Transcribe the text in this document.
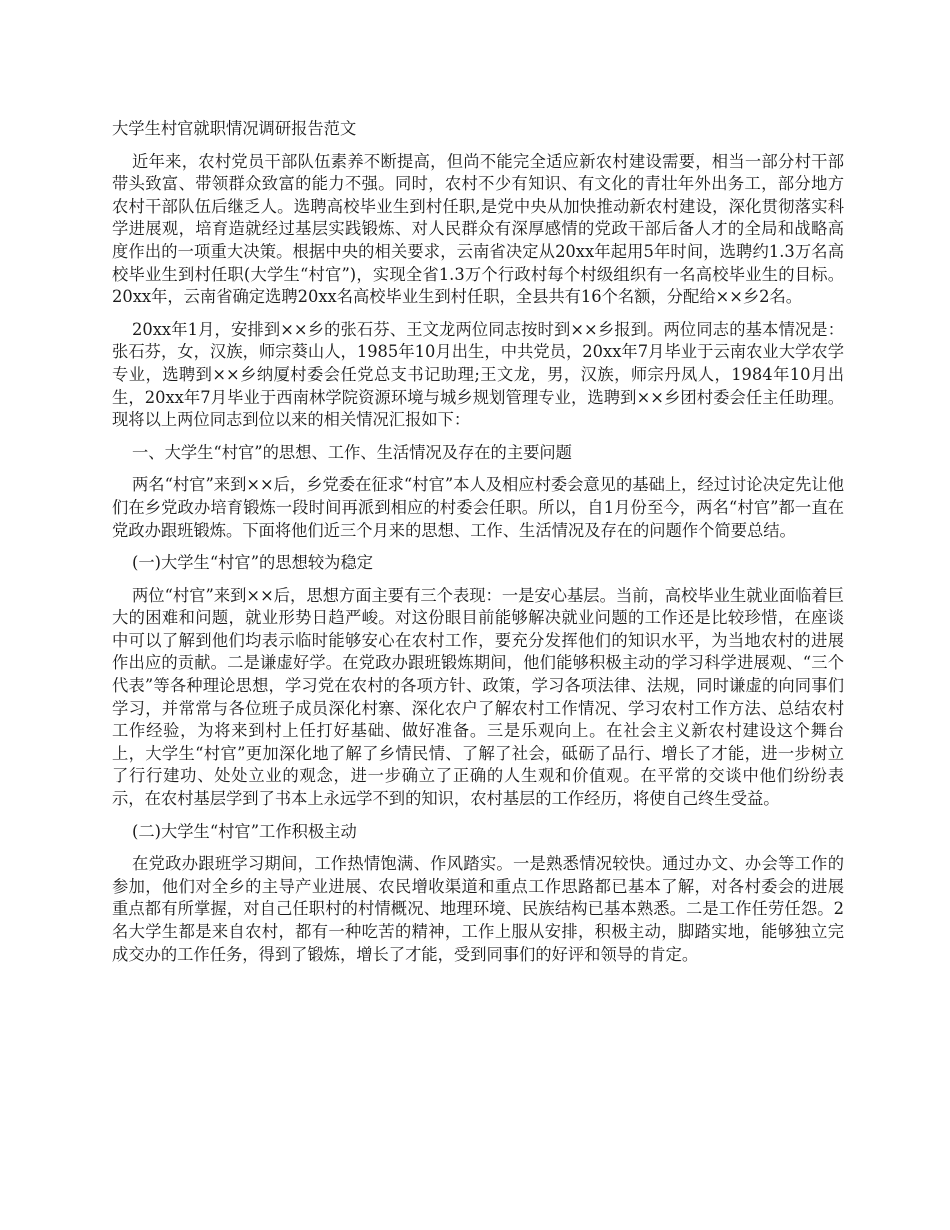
大学生村官就职情况调研报告范文

近年来，农村党员干部队伍素养不断提高，但尚不能完全适应新农村建设需要，相当一部分村干部带头致富、带领群众致富的能力不强。同时，农村不少有知识、有文化的青壮年外出务工，部分地方农村干部队伍后继乏人。选聘高校毕业生到村任职,是党中央从加快推动新农村建设，深化贯彻落实科学进展观，培育造就经过基层实践锻炼、对人民群众有深厚感情的党政干部后备人才的全局和战略高度作出的一项重大决策。根据中央的相关要求，云南省决定从20xx年起用5年时间，选聘约1.3万名高校毕业生到村任职(大学生“村官”)，实现全省1.3万个行政村每个村级组织有一名高校毕业生的目标。20xx年，云南省确定选聘20xx名高校毕业生到村任职，全县共有16个名额，分配给××乡2名。

20xx年1月，安排到××乡的张石芬、王文龙两位同志按时到××乡报到。两位同志的基本情况是：张石芬，女，汉族，师宗葵山人，1985年10月出生，中共党员，20xx年7月毕业于云南农业大学农学专业，选聘到××乡纳厦村委会任党总支书记助理;王文龙，男，汉族，师宗丹凤人，1984年10月出生，20xx年7月毕业于西南林学院资源环境与城乡规划管理专业，选聘到××乡团村委会任主任助理。现将以上两位同志到位以来的相关情况汇报如下：

一、大学生“村官”的思想、工作、生活情况及存在的主要问题

两名“村官”来到××后，乡党委在征求“村官”本人及相应村委会意见的基础上，经过讨论决定先让他们在乡党政办培育锻炼一段时间再派到相应的村委会任职。所以，自1月份至今，两名“村官”都一直在党政办跟班锻炼。下面将他们近三个月来的思想、工作、生活情况及存在的问题作个简要总结。

(一)大学生“村官”的思想较为稳定

两位“村官”来到××后，思想方面主要有三个表现：一是安心基层。当前，高校毕业生就业面临着巨大的困难和问题，就业形势日趋严峻。对这份眼目前能够解决就业问题的工作还是比较珍惜，在座谈中可以了解到他们均表示临时能够安心在农村工作，要充分发挥他们的知识水平，为当地农村的进展作出应的贡献。二是谦虚好学。在党政办跟班锻炼期间，他们能够积极主动的学习科学进展观、“三个代表”等各种理论思想，学习党在农村的各项方针、政策，学习各项法律、法规，同时谦虚的向同事们学习，并常常与各位班子成员深化村寨、深化农户了解农村工作情况、学习农村工作方法、总结农村工作经验，为将来到村上任打好基础、做好准备。三是乐观向上。在社会主义新农村建设这个舞台上，大学生“村官”更加深化地了解了乡情民情、了解了社会，砥砺了品行、增长了才能，进一步树立了行行建功、处处立业的观念，进一步确立了正确的人生观和价值观。在平常的交谈中他们纷纷表示，在农村基层学到了书本上永远学不到的知识，农村基层的工作经历，将使自己终生受益。

(二)大学生“村官”工作积极主动

在党政办跟班学习期间，工作热情饱满、作风踏实。一是熟悉情况较快。通过办文、办会等工作的参加，他们对全乡的主导产业进展、农民增收渠道和重点工作思路都已基本了解，对各村委会的进展重点都有所掌握，对自己任职村的村情概况、地理环境、民族结构已基本熟悉。二是工作任劳任怨。2名大学生都是来自农村，都有一种吃苦的精神，工作上服从安排，积极主动，脚踏实地，能够独立完成交办的工作任务，得到了锻炼，增长了才能，受到同事们的好评和领导的肯定。
